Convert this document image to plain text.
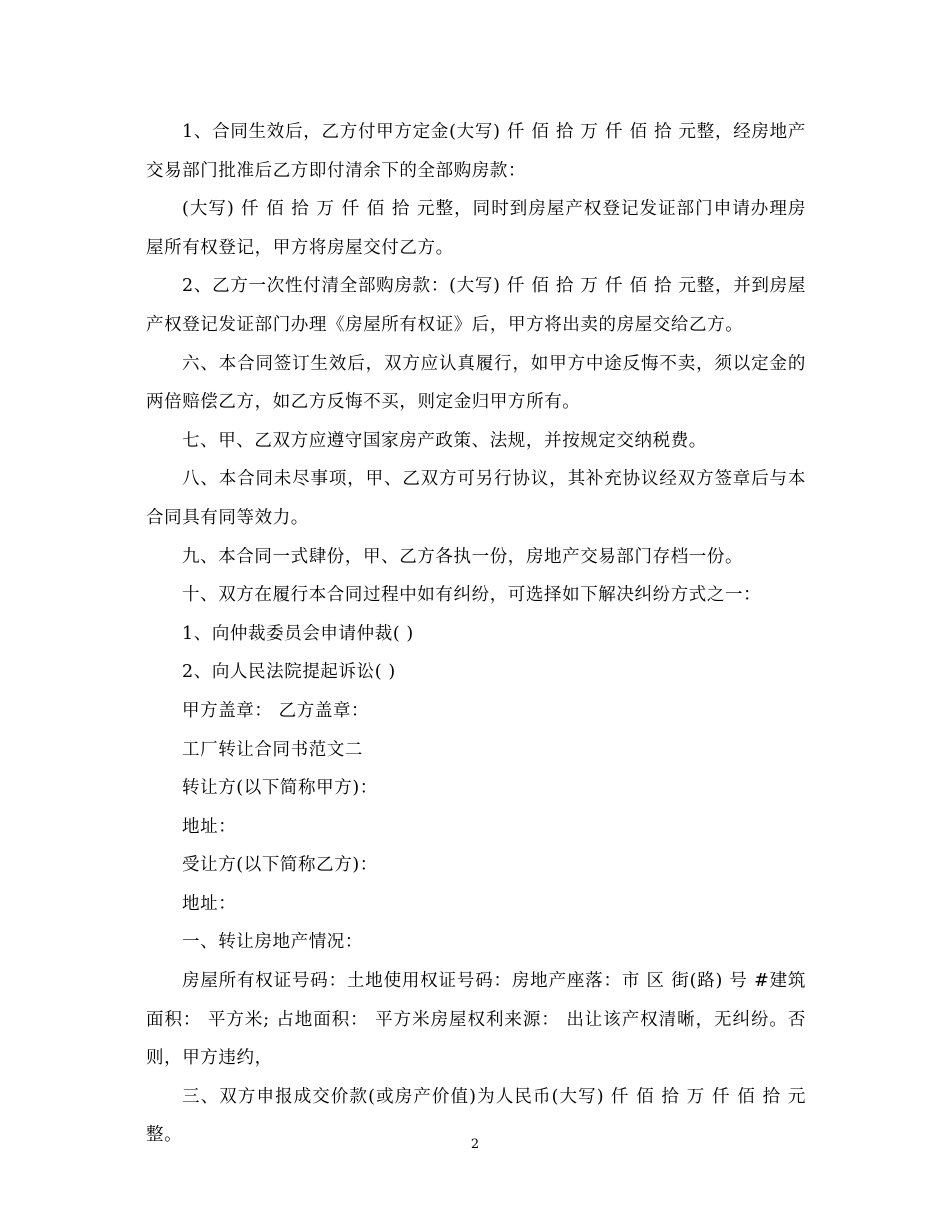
1、合同生效后，乙方付甲方定金(大写) 仟 佰 拾 万 仟 佰 拾 元整，经房地产交易部门批准后乙方即付清余下的全部购房款：

(大写) 仟 佰 拾 万 仟 佰 拾 元整，同时到房屋产权登记发证部门申请办理房屋所有权登记，甲方将房屋交付乙方。

2、乙方一次性付清全部购房款：(大写) 仟 佰 拾 万 仟 佰 拾 元整，并到房屋产权登记发证部门办理《房屋所有权证》后，甲方将出卖的房屋交给乙方。

六、本合同签订生效后，双方应认真履行，如甲方中途反悔不卖，须以定金的两倍赔偿乙方，如乙方反悔不买，则定金归甲方所有。

七、甲、乙双方应遵守国家房产政策、法规，并按规定交纳税费。

八、本合同未尽事项，甲、乙双方可另行协议，其补充协议经双方签章后与本合同具有同等效力。

九、本合同一式肆份，甲、乙方各执一份，房地产交易部门存档一份。

十、双方在履行本合同过程中如有纠纷，可选择如下解决纠纷方式之一：

1、向仲裁委员会申请仲裁( )

2、向人民法院提起诉讼( )

甲方盖章： 乙方盖章：

工厂转让合同书范文二

转让方(以下简称甲方)：

地址：

受让方(以下简称乙方)：

地址：

一、转让房地产情况：

房屋所有权证号码：土地使用权证号码：房地产座落：市 区 街(路) 号 #建筑面积： 平方米; 占地面积： 平方米房屋权利来源： 出让该产权清晰，无纠纷。否则，甲方违约，

三、双方申报成交价款(或房产价值)为人民币(大写) 仟 佰 拾 万 仟 佰 拾 元整。	2
